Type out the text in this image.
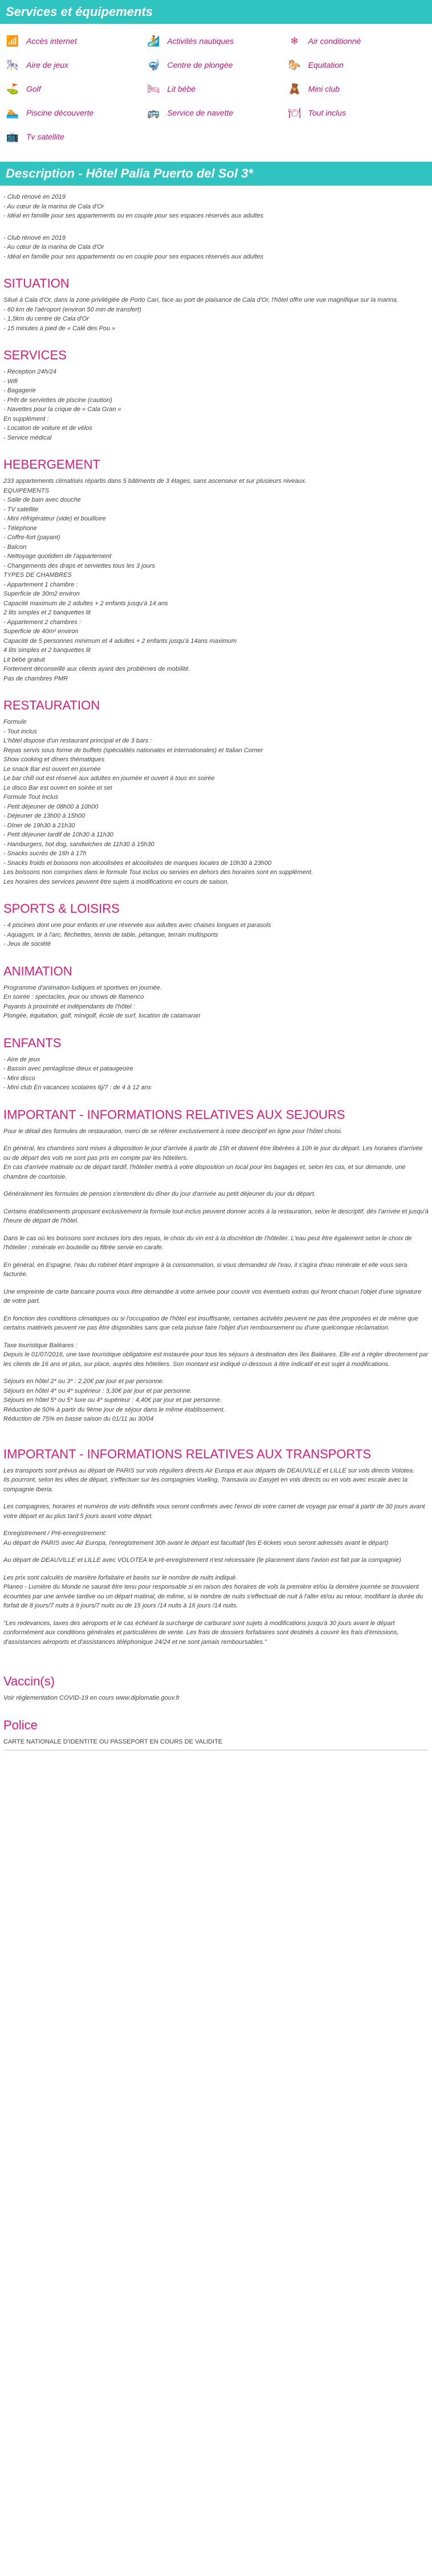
Services et équipements
📶 Accès internet	🏄 Activités nautiques	❄	Air conditionné
🎠 Aire de jeux	🤿 Centre de plongée	🐎 Equitation
⛳ Golf	🛏 Lit bébé	🧸 Mini club
🏊 Piscine découverte	🚌 Service de navette	🍽 Tout inclus
📺 Tv satellite
Description - Hôtel Palia Puerto del Sol 3*

- Club rénové en 2019
- Au cœur de la marina de Cala d'Or
- Idéal en famille pour ses appartements ou en couple pour ses espaces réservés aux adultes

- Club rénové en 2019
- Au cœur de la marina de Cala d'Or
- Idéal en famille pour ses appartements ou en couple pour ses espaces réservés aux adultes

SITUATION

Situé à Cala d'Or, dans la zone privilégiée de Porto Cari, face au port de plaisance de Cala d'Or, l'hôtel offre une vue magnifique sur la marina.
- 60 km de l'aéroport (environ 50 min de transfert)
- 1,5km du centre de Cala d'Or
- 15 minutes à pied de « Calé des Pou »

SERVICES

- Réception 24h/24
- Wifi
- Bagagerie
- Prêt de serviettes de piscine (caution)
- Navettes pour la crique de « Cala Gran »
En supplément :
- Location de voiture et de vélos
- Service médical

HEBERGEMENT

233 appartements climatisés répartis dans 5 bâtiments de 3 étages, sans ascenseur et sur plusieurs niveaux.
EQUIPEMENTS
- Salle de bain avec douche
- TV satellite
- Mini réfrigérateur (vide) et bouilloire
- Téléphone
- Coffre-fort (payant)
- Balcon
- Nettoyage quotidien de l'appartement
- Changements des draps et serviettes tous les 3 jours
TYPES DE CHAMBRES
- Appartement 1 chambre :
Superficie de 30m2 environ
Capacité maximum de 2 adultes + 2 enfants jusqu'à 14 ans
2 lits simples et 2 banquettes lit
- Appartement 2 chambres :
Superficie de 40m² environ
Capacité de 5 personnes minimum et 4 adultes + 2 enfants jusqu'à 14ans maximum
4 lits simples et 2 banquettes lit
Lit bébé gratuit
Fortement déconseillé aux clients ayant des problèmes de mobilité.
Pas de chambres PMR

RESTAURATION

Formule
- Tout inclus
L'hôtel dispose d'un restaurant principal et de 3 bars :
Repas servis sous forme de buffets (spécialités nationales et internationales) et Italian Corner
Show cooking et dîners thématiques
Le snack Bar est ouvert en journée
Le bar chill out est réservé aux adultes en journée et ouvert à tous en soirée
Le disco Bar est ouvert en soirée et set
Formule Tout Inclus
- Petit déjeuner de 08h00 à 10h00
- Déjeuner de 13h00 à 15h00
- Dîner de 19h30 à 21h30
- Petit déjeuner tardif de 10h30 à 11h30
- Hamburgers, hot dog, sandwiches de 11h30 à 15h30
- Snacks sucrés de 16h à 17h
- Snacks froids et boissons non alcoolisées et alcoolisées de marques locales de 10h30 à 23h00
Les boissons non comprises dans le formule Tout inclus ou servies en dehors des horaires sont en supplément.
Les horaires des services peuvent être sujets à modifications en cours de saison.

SPORTS & LOISIRS

- 4 piscines dont une pour enfants et une réservée aux adultes avec chaises longues et parasols
- Aquagym, tir à l'arc, fléchettes, tennis de table, pétanque, terrain multisports
- Jeux de société

ANIMATION

Programme d'animation ludiques et sportives en journée.
En soirée : spectacles, jeux ou shows de flamenco
Payants à proximité et indépendants de l'hôtel :
Plongée, équitation, golf, minigolf, école de surf, location de catamaran

ENFANTS

- Aire de jeux
- Bassin avec pentaglisse dieux et pataugeoire
- Mini disco
- Mini club En vacances scolaires 6j/7 : de 4 à 12 ans

IMPORTANT - INFORMATIONS RELATIVES AUX SEJOURS

Pour le détail des formules de restauration, merci de se référer exclusivement à notre descriptif en ligne pour l'hôtel choisi.

En général, les chambres sont mises à disposition le jour d'arrivée à partir de 15h et doivent être libérées à 10h le jour du départ. Les horaires d'arrivée ou de départ des vols ne sont pas pris en compte par les hôteliers.
En cas d'arrivée matinale ou de départ tardif, l'hôtelier mettra à votre disposition un local pour les bagages et, selon les cas, et sur demande, une chambre de courtoisie.

Généralement les formules de pension s'entendent du dîner du jour d'arrivée au petit déjeuner du jour du départ.

Certains établissements proposant exclusivement la formule tout-inclus peuvent donner accès à la restauration, selon le descriptif, dès l'arrivée et jusqu'à l'heure de départ de l'hôtel.

Dans le cas où les boissons sont incluses lors des repas, le choix du vin est à la discrétion de l'hôtelier. L'eau peut être également selon le choix de l'hôtelier : minérale en bouteille ou filtrée servie en carafe.

En général, en Espagne, l'eau du robinet étant impropre à la consommation, si vous demandez de l'eau, il s'agira d'eau minérale et elle vous sera facturée.

Une empreinte de carte bancaire pourra vous être demandée à votre arrivée pour couvrir vos éventuels extras qui feront chacun l'objet d'une signature de votre part.

En fonction des conditions climatiques ou si l'occupation de l'hôtel est insuffisante, certaines activités peuvent ne pas être proposées et de même que certains matériels peuvent ne pas être disponibles sans que cela puisse faire l'objet d'un remboursement ou d'une quelconque réclamation.

Taxe touristique Baléares :
Depuis le 01/07/2016, une taxe touristique obligatoire est instaurée pour tous les séjours à destination des îles Baléares. Elle est à régler directement par les clients de 16 ans et plus, sur place, auprès des hôteliers. Son montant est indiqué ci-dessous à titre indicatif et est sujet à modifications.

Séjours en hôtel 2* ou 3* : 2,20€ par jour et par personne.
Séjours en hôtel 4* ou 4* supérieur : 3,30€ par jour et par personne.
Séjours en hôtel 5* ou 5* luxe ou 4* supérieur : 4,40€ par jour et par personne.
Réduction de 50% à partir du 9ème jour de séjour dans le même établissement.
Réduction de 75% en basse saison du 01/11 au 30/04

IMPORTANT - INFORMATIONS RELATIVES AUX TRANSPORTS

Les transports sont prévus au départ de PARIS sur vols réguliers directs Air Europa et aux départs de DEAUVILLE et LILLE sur vols directs Volotea.
Ils pourront, selon les villes de départ, s'effectuer sur les compagnies Vueling, Transavia ou Easyjet en vols directs ou en vols avec escale avec la compagnie Iberia.

Les compagnies, horaires et numéros de vols définitifs vous seront confirmés avec l'envoi de votre carnet de voyage par email à partir de 30 jours avant votre départ et au plus tard 5 jours avant votre départ.

Enregistrement / Pré-enregistrement:
Au départ de PARIS avec Air Europa, l'enregistrement 30h avant le départ est facultatif (les E-tickets vous seront adressés avant le départ)

Au départ de DEAUVILLE et LILLE avec VOLOTEA le pré-enregistrement n'est nécessaire (le placement dans l'avion est fait par la compagnie)

Les prix sont calculés de manière forfaitaire et basés sur le nombre de nuits indiqué.
Planeo - Lumière du Monde ne saurait être tenu pour responsable si en raison des horaires de vols la première et/ou la dernière journée se trouvaient écourtées par une arrivée tardive ou un départ matinal, de même, si le nombre de nuits s'effectuait de nuit à l'aller et/ou au retour, modifiant la durée du forfait de 8 jours/7 nuits à 9 jours/7 nuits ou de 15 jours /14 nuits à 16 jours /14 nuits.

"Les redevances, taxes des aéroports et le cas échéant la surcharge de carburant sont sujets à modifications jusqu'à 30 jours avant le départ conformément aux conditions générales et particulières de vente. Les frais de dossiers forfaitaires sont destinés à couvrir les frais d'émissions, d'assistances aéroports et d'assistances téléphonique 24/24 et ne sont jamais remboursables."

Vaccin(s)

Voir réglementation COVID-19 en cours www.diplomatie.gouv.fr

Police

CARTE NATIONALE D'IDENTITE OU PASSEPORT EN COURS DE VALIDITE
